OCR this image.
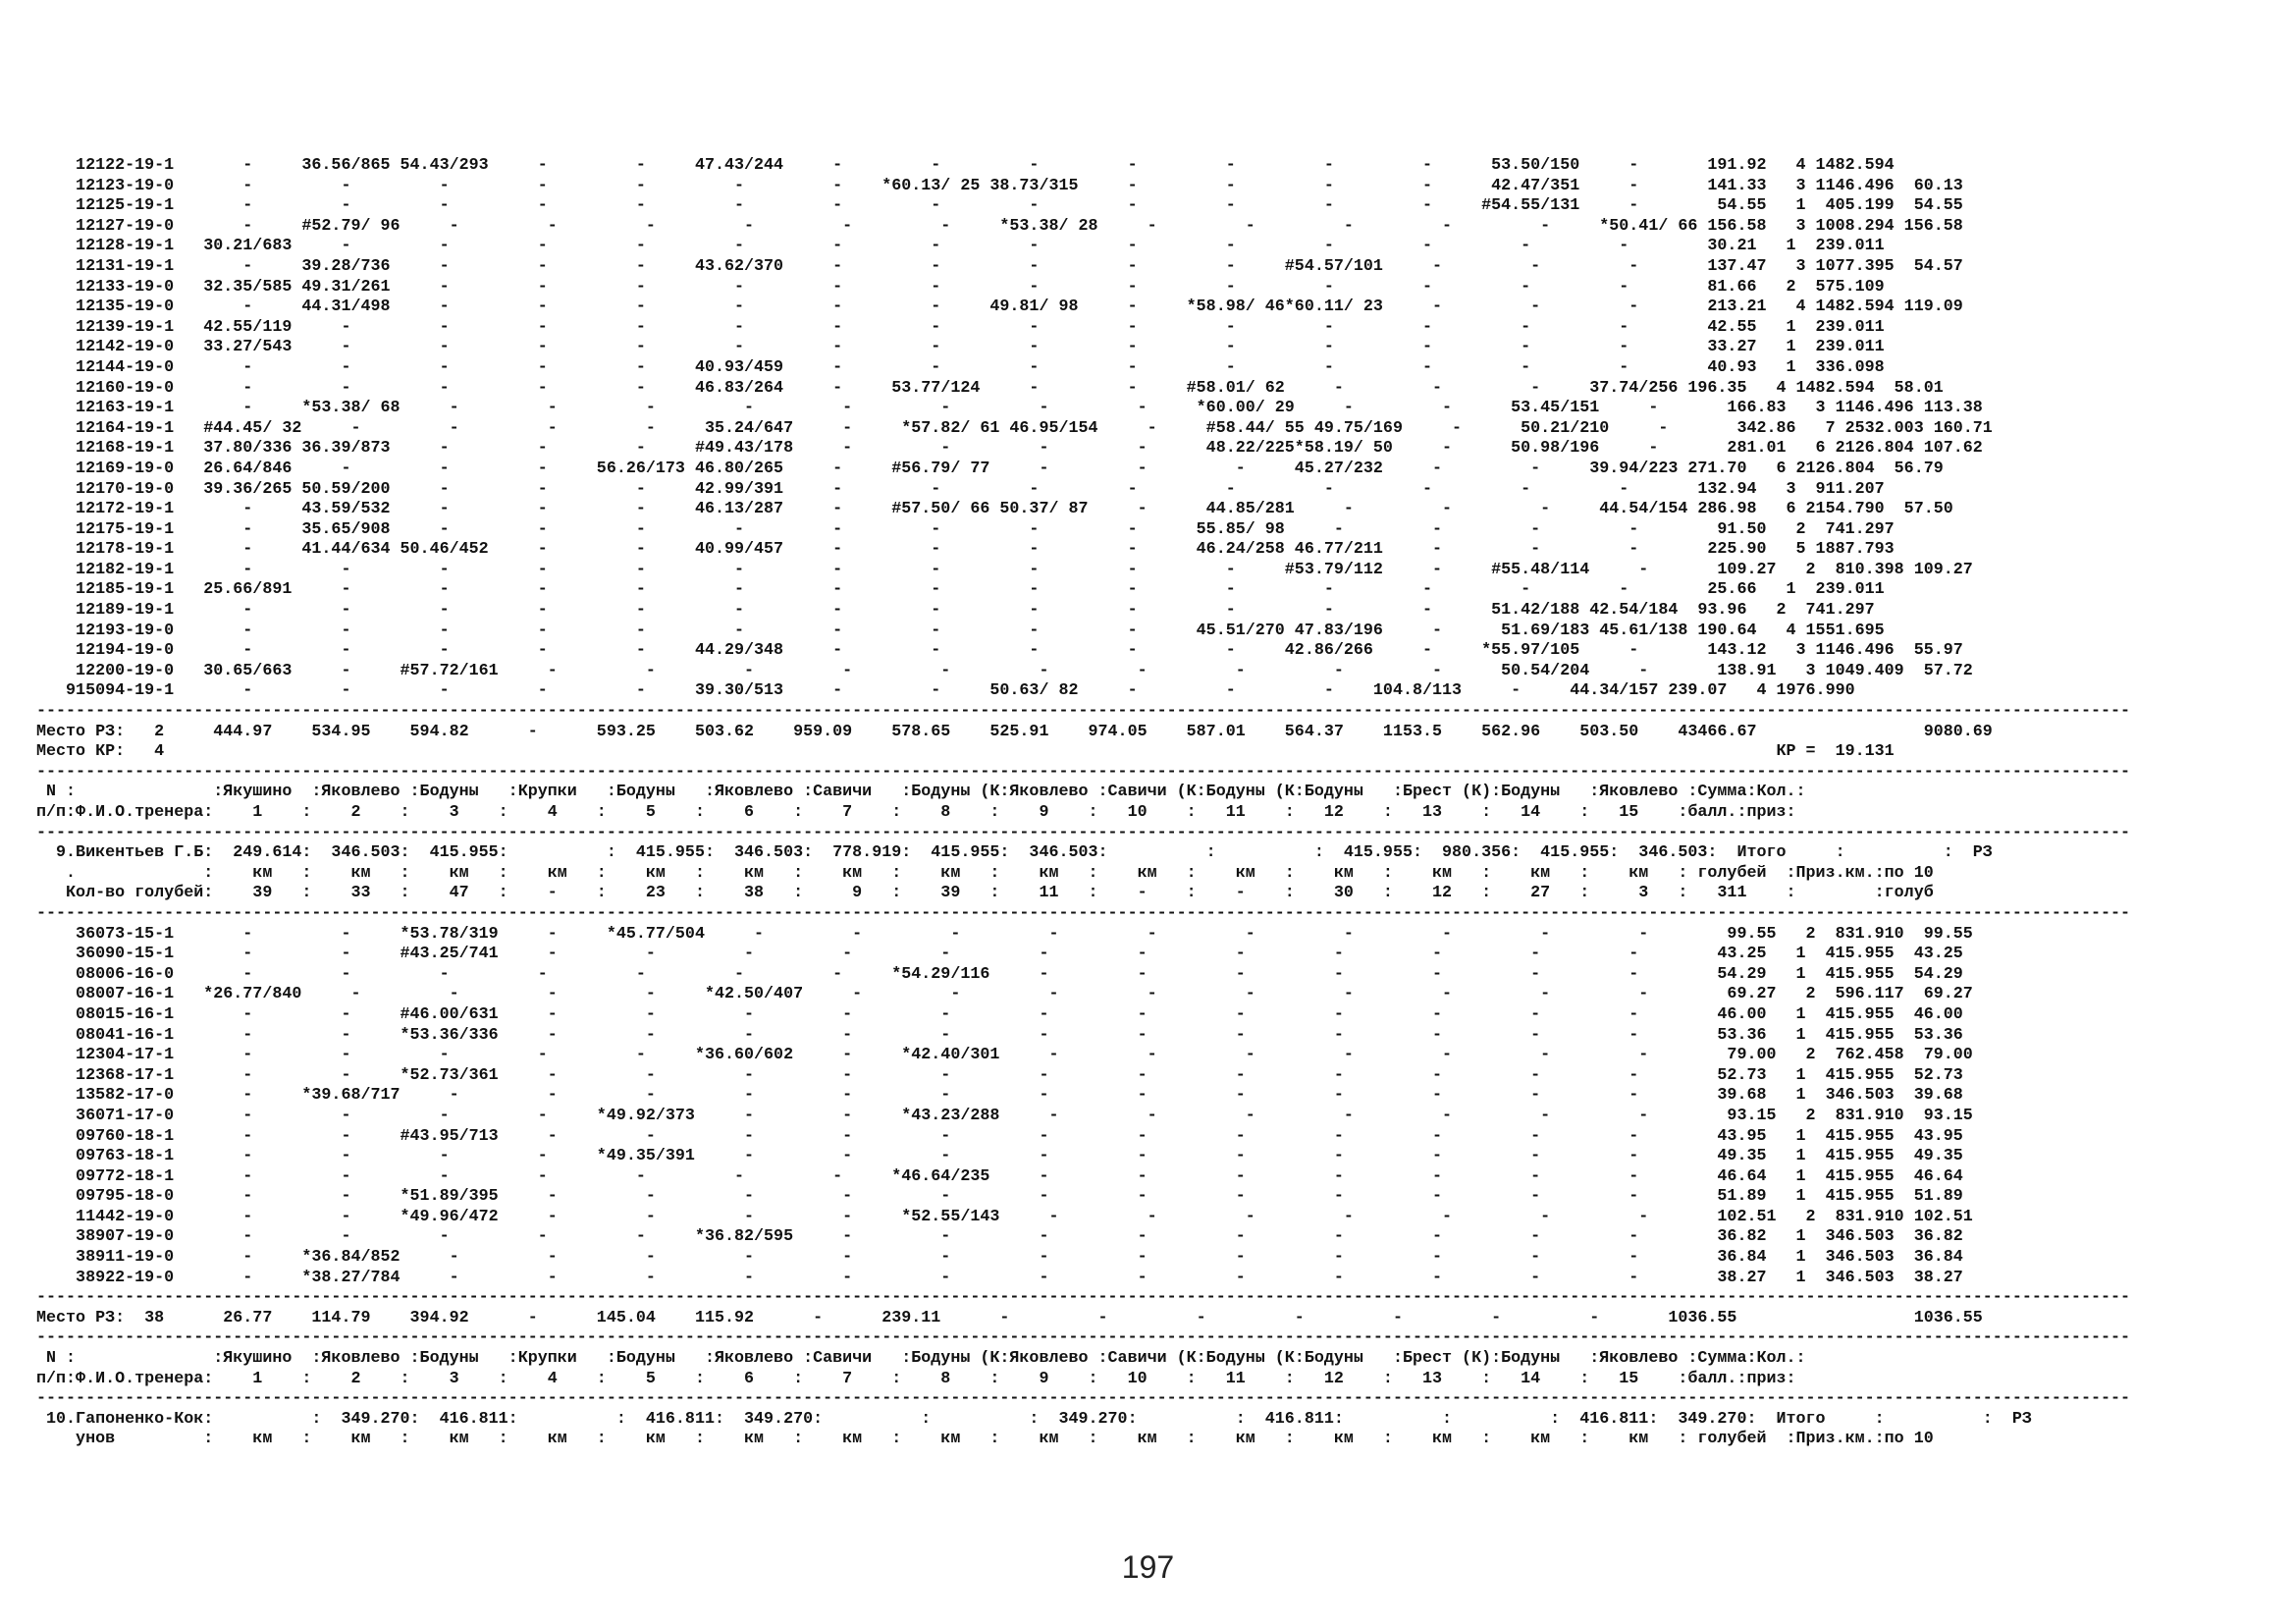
12122-19-1       -     36.56/865 54.43/293     -         -     47.43/244     -         -         -         -         -         -         -      53.50/150     -       191.92   4 1482.594
12123-19-0       -         -         -         -         -         -         -    *60.13/ 25 38.73/315     -         -         -         -      42.47/351     -       141.33   3 1146.496  60.13
12125-19-1       -         -         -         -         -         -         -         -         -         -         -         -         -     #54.55/131     -        54.55   1  405.199  54.55
12127-19-0       -     #52.79/ 96     -         -         -         -         -         -     *53.38/ 28     -         -         -         -         -     *50.41/ 66 156.58   3 1008.294 156.58
12128-19-1   30.21/683     -         -         -         -         -         -         -         -         -         -         -         -         -         -        30.21   1  239.011
12131-19-1       -     39.28/736     -         -         -     43.62/370     -         -         -         -         -     #54.57/101     -         -         -       137.47   3 1077.395  54.57
12133-19-0   32.35/585 49.31/261     -         -         -         -         -         -         -         -         -         -         -         -         -        81.66   2  575.109
12135-19-0       -     44.31/498     -         -         -         -         -         -     49.81/ 98     -     *58.98/ 46*60.11/ 23     -         -         -       213.21   4 1482.594 119.09
12139-19-1   42.55/119     -         -         -         -         -         -         -         -         -         -         -         -         -         -        42.55   1  239.011
12142-19-0   33.27/543     -         -         -         -         -         -         -         -         -         -         -         -         -         -        33.27   1  239.011
12144-19-0       -         -         -         -         -     40.93/459     -         -         -         -         -         -         -         -         -        40.93   1  336.098
12160-19-0       -         -         -         -         -     46.83/264     -     53.77/124     -         -     #58.01/ 62     -         -         -     37.74/256 196.35   4 1482.594  58.01
12163-19-1       -     *53.38/ 68     -         -         -         -         -         -         -         -     *60.00/ 29     -         -      53.45/151     -       166.83   3 1146.496 113.38
12164-19-1   #44.45/ 32     -         -         -         -     35.24/647     -     *57.82/ 61 46.95/154     -     #58.44/ 55 49.75/169     -      50.21/210     -       342.86   7 2532.003 160.71
12168-19-1   37.80/336 36.39/873     -         -         -     #49.43/178     -         -         -         -      48.22/225*58.19/ 50     -      50.98/196     -       281.01   6 2126.804 107.62
12169-19-0   26.64/846     -         -         -     56.26/173 46.80/265     -     #56.79/ 77     -         -         -     45.27/232     -         -     39.94/223 271.70   6 2126.804  56.79
12170-19-0   39.36/265 50.59/200     -         -         -     42.99/391     -         -         -         -         -         -         -         -         -       132.94   3  911.207
12172-19-1       -     43.59/532     -         -         -     46.13/287     -     #57.50/ 66 50.37/ 87     -      44.85/281     -         -         -     44.54/154 286.98   6 2154.790  57.50
12175-19-1       -     35.65/908     -         -         -         -         -         -         -         -      55.85/ 98     -         -         -         -        91.50   2  741.297
12178-19-1       -     41.44/634 50.46/452     -         -     40.99/457     -         -         -         -      46.24/258 46.77/211     -         -         -       225.90   5 1887.793
12182-19-1       -         -         -         -         -         -         -         -         -         -         -     #53.79/112     -     #55.48/114     -       109.27   2  810.398 109.27
12185-19-1   25.66/891     -         -         -         -         -         -         -         -         -         -         -         -         -         -        25.66   1  239.011
12189-19-1       -         -         -         -         -         -         -         -         -         -         -         -         -      51.42/188 42.54/184  93.96   2  741.297
12193-19-0       -         -         -         -         -         -         -         -         -         -      45.51/270 47.83/196     -      51.69/183 45.61/138 190.64   4 1551.695
12194-19-0       -         -         -         -         -     44.29/348     -         -         -         -         -     42.86/266     -     *55.97/105     -       143.12   3 1146.496  55.97
12200-19-0   30.65/663     -     #57.72/161     -         -         -         -         -         -         -         -         -         -      50.54/204     -       138.91   3 1049.409  57.72
915094-19-1       -         -         -         -         -     39.30/513     -         -     50.63/ 82     -         -         -    104.8/113     -     44.34/157 239.07   4 1976.990
---------------------------------------------------------------------------------------------------------------------------------------------------------------------------------------------------------------------
Место РЗ:   2     444.97    534.95    594.82      -      593.25    503.62    959.09    578.65    525.91    974.05    587.01    564.37    1153.5    562.96    503.50    43466.67                 9080.69
Место КР:   4                                                                                                                                                                    КР =  19.131
---------------------------------------------------------------------------------------------------------------------------------------------------------------------------------------------------------------------
N :              :Якушино  :Яковлево :Бодуны   :Крупки   :Бодуны   :Яковлево :Савичи   :Бодуны (К:Яковлево :Савичи (К:Бодуны (К:Бодуны   :Брест (К):Бодуны   :Яковлево :Сумма:Кол.:
п/п:Ф.И.О.тренера:    1    :    2    :    3    :    4    :    5    :    6    :    7    :    8    :    9    :   10    :   11    :   12    :   13    :   14    :   15    :балл.:приз:
---------------------------------------------------------------------------------------------------------------------------------------------------------------------------------------------------------------------
9.Викентьев Г.Б:  249.614:  346.503:  415.955:          :  415.955:  346.503:  778.919:  415.955:  346.503:          :          :  415.955:  980.356:  415.955:  346.503:  Итого     :          :  РЗ
.             :    км   :    км   :    км   :    км   :    км   :    км   :    км   :    км   :    км   :    км   :    км   :    км   :    км   :    км   :    км   : голубей  :Приз.км.:по 10
Кол-во голубей:    39   :    33   :    47   :    -    :    23   :    38   :     9   :    39   :    11   :    -    :    -    :    30   :    12   :    27   :     3   :   311    :        :голуб
---------------------------------------------------------------------------------------------------------------------------------------------------------------------------------------------------------------------
36073-15-1       -         -     *53.78/319     -     *45.77/504     -         -         -         -         -         -         -         -         -         -        99.55   2  831.910  99.55
36090-15-1       -         -     #43.25/741     -         -         -         -         -         -         -         -         -         -         -         -        43.25   1  415.955  43.25
08006-16-0       -         -         -         -         -         -         -     *54.29/116     -         -         -         -         -         -         -        54.29   1  415.955  54.29
08007-16-1   *26.77/840     -         -         -         -     *42.50/407     -         -         -         -         -         -         -         -         -        69.27   2  596.117  69.27
08015-16-1       -         -     #46.00/631     -         -         -         -         -         -         -         -         -         -         -         -        46.00   1  415.955  46.00
08041-16-1       -         -     *53.36/336     -         -         -         -         -         -         -         -         -         -         -         -        53.36   1  415.955  53.36
12304-17-1       -         -         -         -         -     *36.60/602     -     *42.40/301     -         -         -         -         -         -         -        79.00   2  762.458  79.00
12368-17-1       -         -     *52.73/361     -         -         -         -         -         -         -         -         -         -         -         -        52.73   1  415.955  52.73
13582-17-0       -     *39.68/717     -         -         -         -         -         -         -         -         -         -         -         -         -        39.68   1  346.503  39.68
36071-17-0       -         -         -         -     *49.92/373     -         -     *43.23/288     -         -         -         -         -         -         -        93.15   2  831.910  93.15
09760-18-1       -         -     #43.95/713     -         -         -         -         -         -         -         -         -         -         -         -        43.95   1  415.955  43.95
09763-18-1       -         -         -         -     *49.35/391     -         -         -         -         -         -         -         -         -         -        49.35   1  415.955  49.35
09772-18-1       -         -         -         -         -         -         -     *46.64/235     -         -         -         -         -         -         -        46.64   1  415.955  46.64
09795-18-0       -         -     *51.89/395     -         -         -         -         -         -         -         -         -         -         -         -        51.89   1  415.955  51.89
11442-19-0       -         -     *49.96/472     -         -         -         -     *52.55/143     -         -         -         -         -         -         -       102.51   2  831.910 102.51
38907-19-0       -         -         -         -         -     *36.82/595     -         -         -         -         -         -         -         -         -        36.82   1  346.503  36.82
38911-19-0       -     *36.84/852     -         -         -         -         -         -         -         -         -         -         -         -         -        36.84   1  346.503  36.84
38922-19-0       -     *38.27/784     -         -         -         -         -         -         -         -         -         -         -         -         -        38.27   1  346.503  38.27
---------------------------------------------------------------------------------------------------------------------------------------------------------------------------------------------------------------------
Место РЗ:  38      26.77    114.79    394.92      -      145.04    115.92      -      239.11      -         -         -         -         -         -         -       1036.55                  1036.55
---------------------------------------------------------------------------------------------------------------------------------------------------------------------------------------------------------------------
N :              :Якушино  :Яковлево :Бодуны   :Крупки   :Бодуны   :Яковлево :Савичи   :Бодуны (К:Яковлево :Савичи (К:Бодуны (К:Бодуны   :Брест (К):Бодуны   :Яковлево :Сумма:Кол.:
п/п:Ф.И.О.тренера:    1    :    2    :    3    :    4    :    5    :    6    :    7    :    8    :    9    :   10    :   11    :   12    :   13    :   14    :   15    :балл.:приз:
---------------------------------------------------------------------------------------------------------------------------------------------------------------------------------------------------------------------
10.Гапоненко-Кок:          :  349.270:  416.811:          :  416.811:  349.270:          :          :  349.270:          :  416.811:          :          :  416.811:  349.270:  Итого     :          :  РЗ
унов         :    км   :    км   :    км   :    км   :    км   :    км   :    км   :    км   :    км   :    км   :    км   :    км   :    км   :    км   :    км   : голубей  :Приз.км.:по 10
197
